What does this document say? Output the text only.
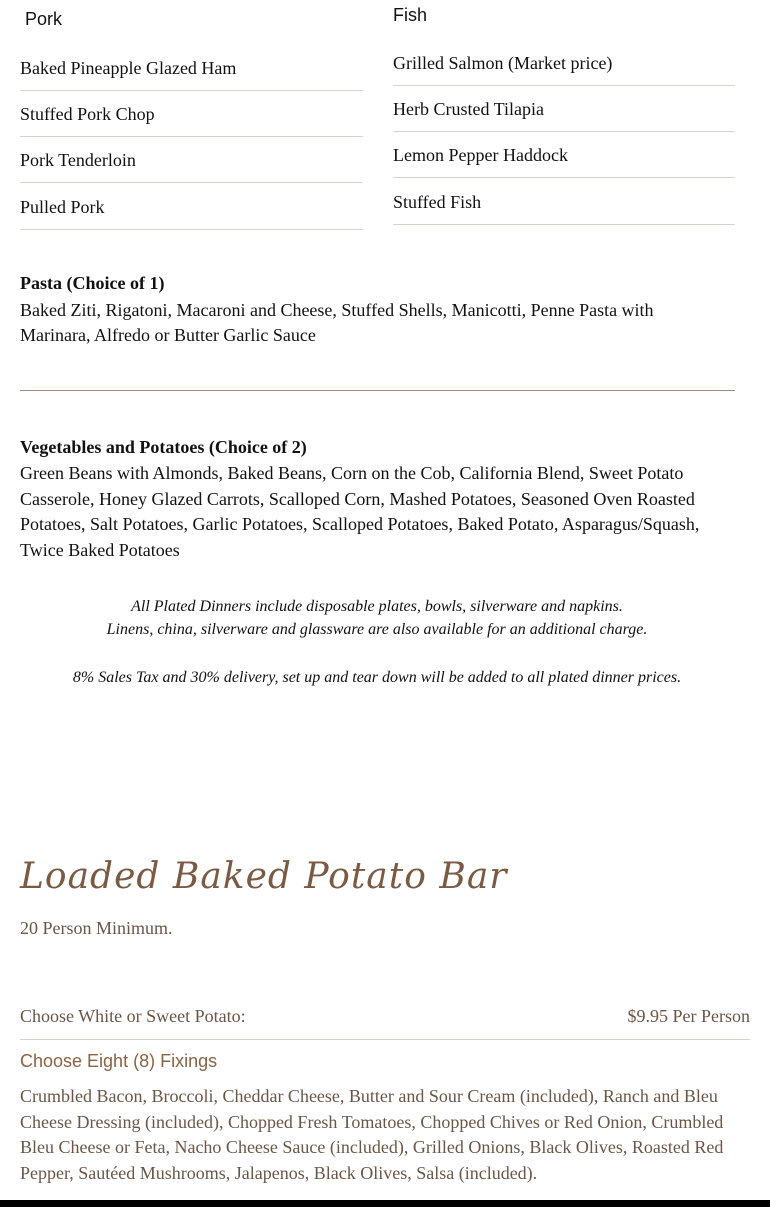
Pork
Baked Pineapple Glazed Ham
Stuffed Pork Chop
Pork Tenderloin
Pulled Pork
Fish
Grilled Salmon (Market price)
Herb Crusted Tilapia
Lemon Pepper Haddock
Stuffed Fish
Pasta (Choice of 1)
Baked Ziti, Rigatoni, Macaroni and Cheese, Stuffed Shells, Manicotti, Penne Pasta with
Marinara, Alfredo or Butter Garlic Sauce
Vegetables and Potatoes (Choice of 2)
Green Beans with Almonds, Baked Beans, Corn on the Cob, California Blend, Sweet Potato
Casserole, Honey Glazed Carrots, Scalloped Corn, Mashed Potatoes, Seasoned Oven Roasted
Potatoes, Salt Potatoes, Garlic Potatoes, Scalloped Potatoes, Baked Potato, Asparagus/Squash,
Twice Baked Potatoes
All Plated Dinners include disposable plates, bowls, silverware and napkins.
Linens, china, silverware and glassware are also available for an additional charge.
8% Sales Tax and 30% delivery, set up and tear down will be added to all plated dinner prices.
Loaded Baked Potato Bar
20 Person Minimum.
Choose White or Sweet Potato:	$9.95 Per Person
Choose Eight (8) Fixings
Crumbled Bacon, Broccoli, Cheddar Cheese, Butter and Sour Cream (included), Ranch and Bleu
Cheese Dressing (included), Chopped Fresh Tomatoes, Chopped Chives or Red Onion, Crumbled
Bleu Cheese or Feta, Nacho Cheese Sauce (included), Grilled Onions, Black Olives, Roasted Red
Pepper, Sautéed Mushrooms, Jalapenos, Black Olives, Salsa (included).
